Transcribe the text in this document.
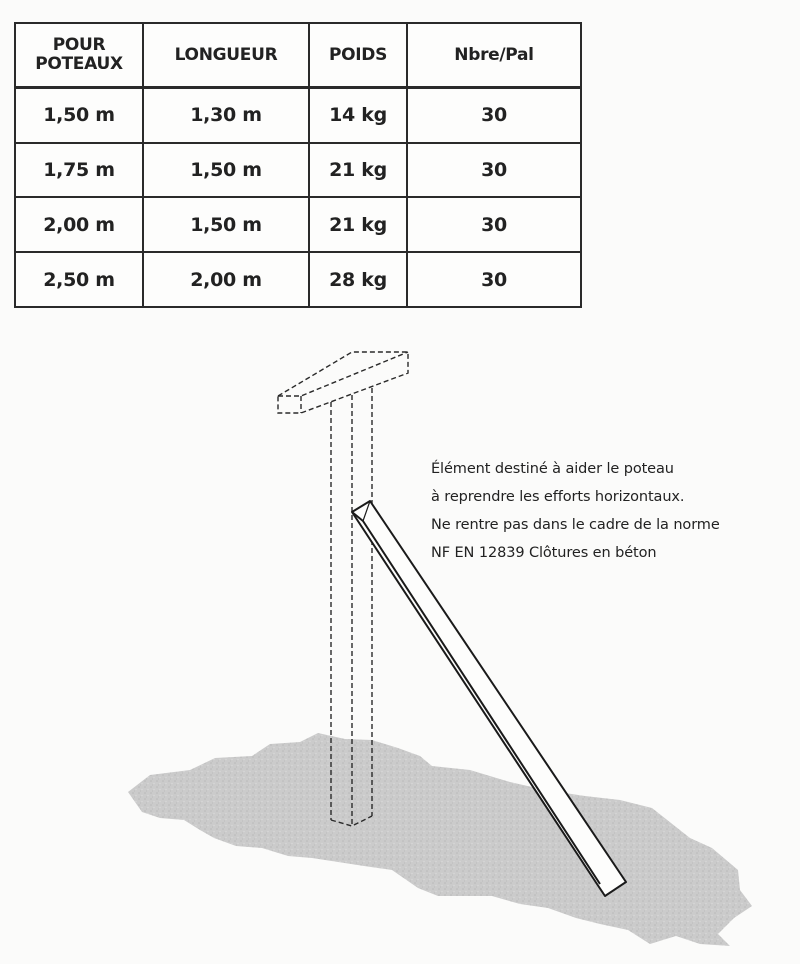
POUR
POTEAUX	LONGUEUR	POIDS	Nbre/Pal
1,50 m	1,30 m	14 kg	30
1,75 m	1,50 m	21 kg	30
2,00 m	1,50 m	21 kg	30
2,50 m	2,00 m	28 kg	30
Élément destiné à aider le poteau
à reprendre les efforts horizontaux.
Ne rentre pas dans le cadre de la norme
NF EN 12839 Clôtures en béton
